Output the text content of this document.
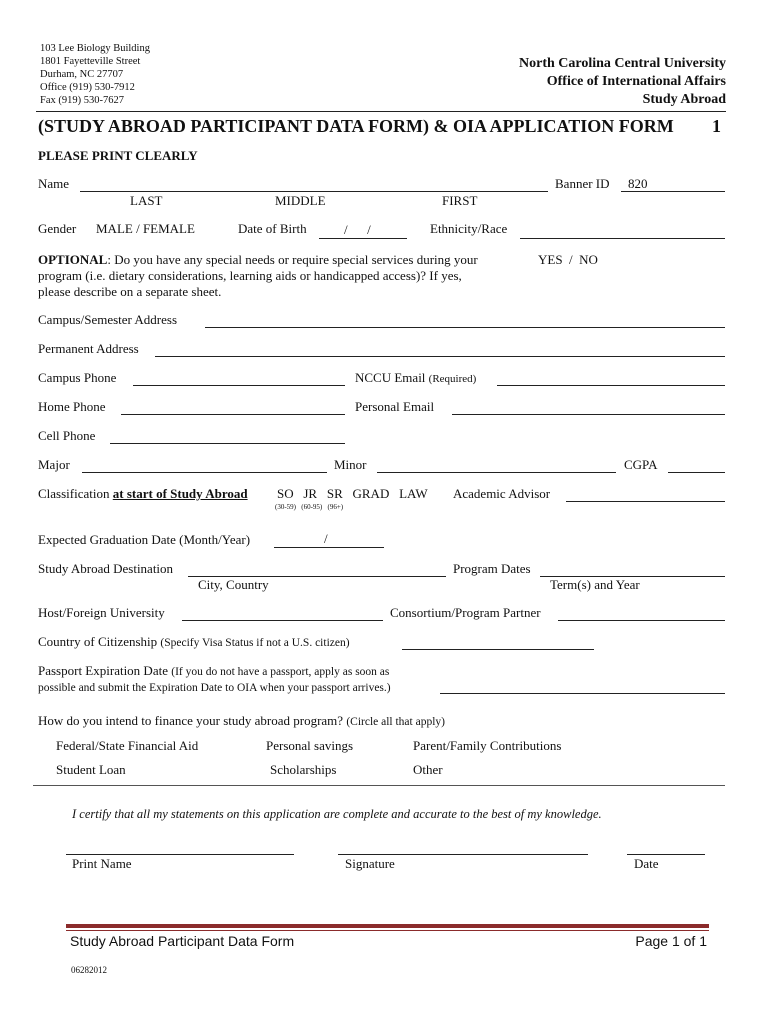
103 Lee Biology Building
1801 Fayetteville Street
Durham, NC 27707
Office (919) 530-7912
Fax (919) 530-7627
North Carolina Central University
Office of International Affairs
Study Abroad
(STUDY ABROAD PARTICIPANT DATA FORM) & OIA APPLICATION FORM 1
PLEASE PRINT CLEARLY
Name
LAST	MIDDLE	FIRST
Banner ID 820
Gender MALE / FEMALE	Date of Birth	/      /	Ethnicity/Race
OPTIONAL: Do you have any special needs or require special services during your
program (i.e. dietary considerations, learning aids or handicapped access)? If yes,
please describe on a separate sheet.
YES  /  NO
Campus/Semester Address
Permanent Address
Campus Phone	NCCU Email (Required)
Home Phone	Personal Email
Cell Phone
Major	Minor	CGPA
Classification at start of Study Abroad SO   JR   SR   GRAD   LAW
(30-59)   (60-95)   (96+)
Academic Advisor
Expected Graduation Date (Month/Year)	/
Study Abroad Destination
City, Country
Program Dates
Term(s) and Year
Host/Foreign University	Consortium/Program Partner
Country of Citizenship (Specify Visa Status if not a U.S. citizen)
Passport Expiration Date (If you do not have a passport, apply as soon as
possible and submit the Expiration Date to OIA when your passport arrives.)
How do you intend to finance your study abroad program? (Circle all that apply)
Federal/State Financial Aid	Personal savings	Parent/Family Contributions
Student Loan	Scholarships	Other
I certify that all my statements on this application are complete and accurate to the best of my knowledge.
Print Name	Signature	Date
Study Abroad Participant Data Form	Page 1 of 1
06282012
